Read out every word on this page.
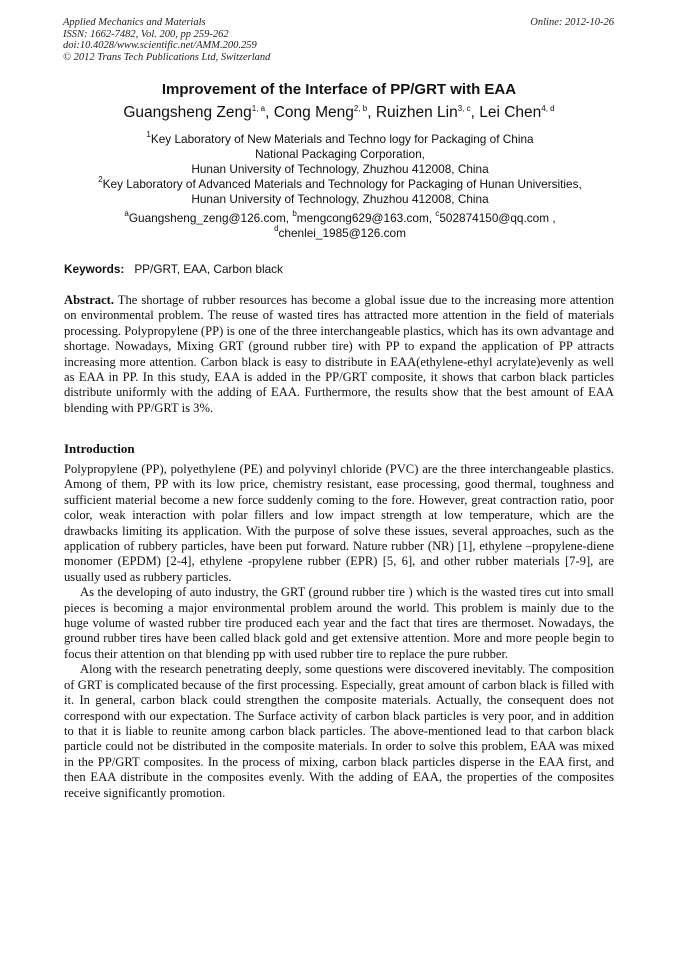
Applied Mechanics and Materials
ISSN: 1662-7482, Vol. 200, pp 259-262
doi:10.4028/www.scientific.net/AMM.200.259
© 2012 Trans Tech Publications Ltd, Switzerland
Online: 2012-10-26
Improvement of the Interface of PP/GRT with EAA
Guangsheng Zeng$^{1, a}$, Cong Meng$^{2, b}$, Ruizhen Lin$^{3, c}$, Lei Chen$^{4, d}$
$^1$Key Laboratory of New Materials and Techno logy for Packaging of China
National Packaging Corporation,
Hunan University of Technology, Zhuzhou 412008, China
$^2$Key Laboratory of Advanced Materials and Technology for Packaging of Hunan Universities,
Hunan University of Technology, Zhuzhou 412008, China
$^a$Guangsheng_zeng@126.com, $^b$mengcong629@163.com, $^c$502874150@qq.com ,
$^d$chenlei_1985@126.com
Keywords: PP/GRT, EAA, Carbon black
Abstract. The shortage of rubber resources has become a global issue due to the increasing more attention on environmental problem. The reuse of wasted tires has attracted more attention in the field of materials processing. Polypropylene (PP) is one of the three interchangeable plastics, which has its own advantage and shortage. Nowadays, Mixing GRT (ground rubber tire) with PP to expand the application of PP attracts increasing more attention. Carbon black is easy to distribute in EAA(ethylene-ethyl acrylate)evenly as well as EAA in PP. In this study, EAA is added in the PP/GRT composite, it shows that carbon black particles distribute uniformly with the adding of EAA. Furthermore, the results show that the best amount of EAA blending with PP/GRT is 3%.
Introduction

Polypropylene (PP), polyethylene (PE) and polyvinyl chloride (PVC) are the three interchangeable plastics. Among of them, PP with its low price, chemistry resistant, ease processing, good thermal, toughness and sufficient material become a new force suddenly coming to the fore. However, great contraction ratio, poor color, weak interaction with polar fillers and low impact strength at low temperature, which are the drawbacks limiting its application. With the purpose of solve these issues, several approaches, such as the application of rubbery particles, have been put forward. Nature rubber (NR) [1], ethylene –propylene-diene monomer (EPDM) [2-4], ethylene -propylene rubber (EPR) [5, 6], and other rubber materials [7-9], are usually used as rubbery particles.

As the developing of auto industry, the GRT (ground rubber tire ) which is the wasted tires cut into small pieces is becoming a major environmental problem around the world. This problem is mainly due to the huge volume of wasted rubber tire produced each year and the fact that tires are thermoset. Nowadays, the ground rubber tires have been called black gold and get extensive attention. More and more people begin to focus their attention on that blending pp with used rubber tire to replace the pure rubber.

Along with the research penetrating deeply, some questions were discovered inevitably. The composition of GRT is complicated because of the first processing. Especially, great amount of carbon black is filled with it. In general, carbon black could strengthen the composite materials. Actually, the consequent does not correspond with our expectation. The Surface activity of carbon black particles is very poor, and in addition to that it is liable to reunite among carbon black particles. The above-mentioned lead to that carbon black particle could not be distributed in the composite materials. In order to solve this problem, EAA was mixed in the PP/GRT composites. In the process of mixing, carbon black particles disperse in the EAA first, and then EAA distribute in the composites evenly. With the adding of EAA, the properties of the composites receive significantly promotion.
